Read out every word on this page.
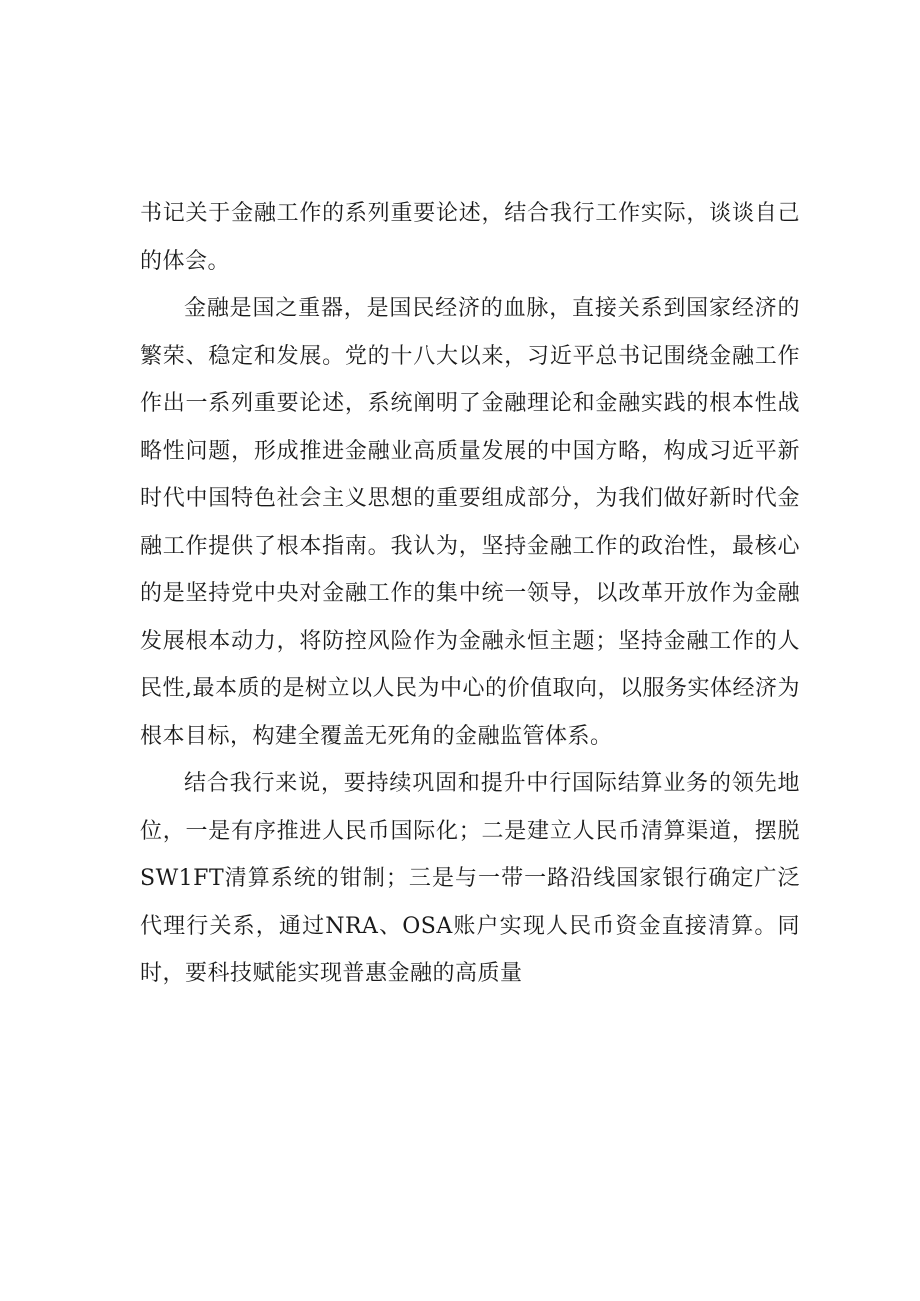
书记关于金融工作的系列重要论述，结合我行工作实际，谈谈自己的体会。

金融是国之重器，是国民经济的血脉，直接关系到国家经济的繁荣、稳定和发展。党的十八大以来，习近平总书记围绕金融工作作出一系列重要论述，系统阐明了金融理论和金融实践的根本性战略性问题，形成推进金融业高质量发展的中国方略，构成习近平新时代中国特色社会主义思想的重要组成部分，为我们做好新时代金融工作提供了根本指南。我认为，坚持金融工作的政治性，最核心的是坚持党中央对金融工作的集中统一领导，以改革开放作为金融发展根本动力，将防控风险作为金融永恒主题；坚持金融工作的人民性,最本质的是树立以人民为中心的价值取向，以服务实体经济为根本目标，构建全覆盖无死角的金融监管体系。

结合我行来说，要持续巩固和提升中行国际结算业务的领先地位，一是有序推进人民币国际化；二是建立人民币清算渠道，摆脱SW1FT清算系统的钳制；三是与一带一路沿线国家银行确定广泛代理行关系，通过NRA、OSA账户实现人民币资金直接清算。同时，要科技赋能实现普惠金融的高质量
